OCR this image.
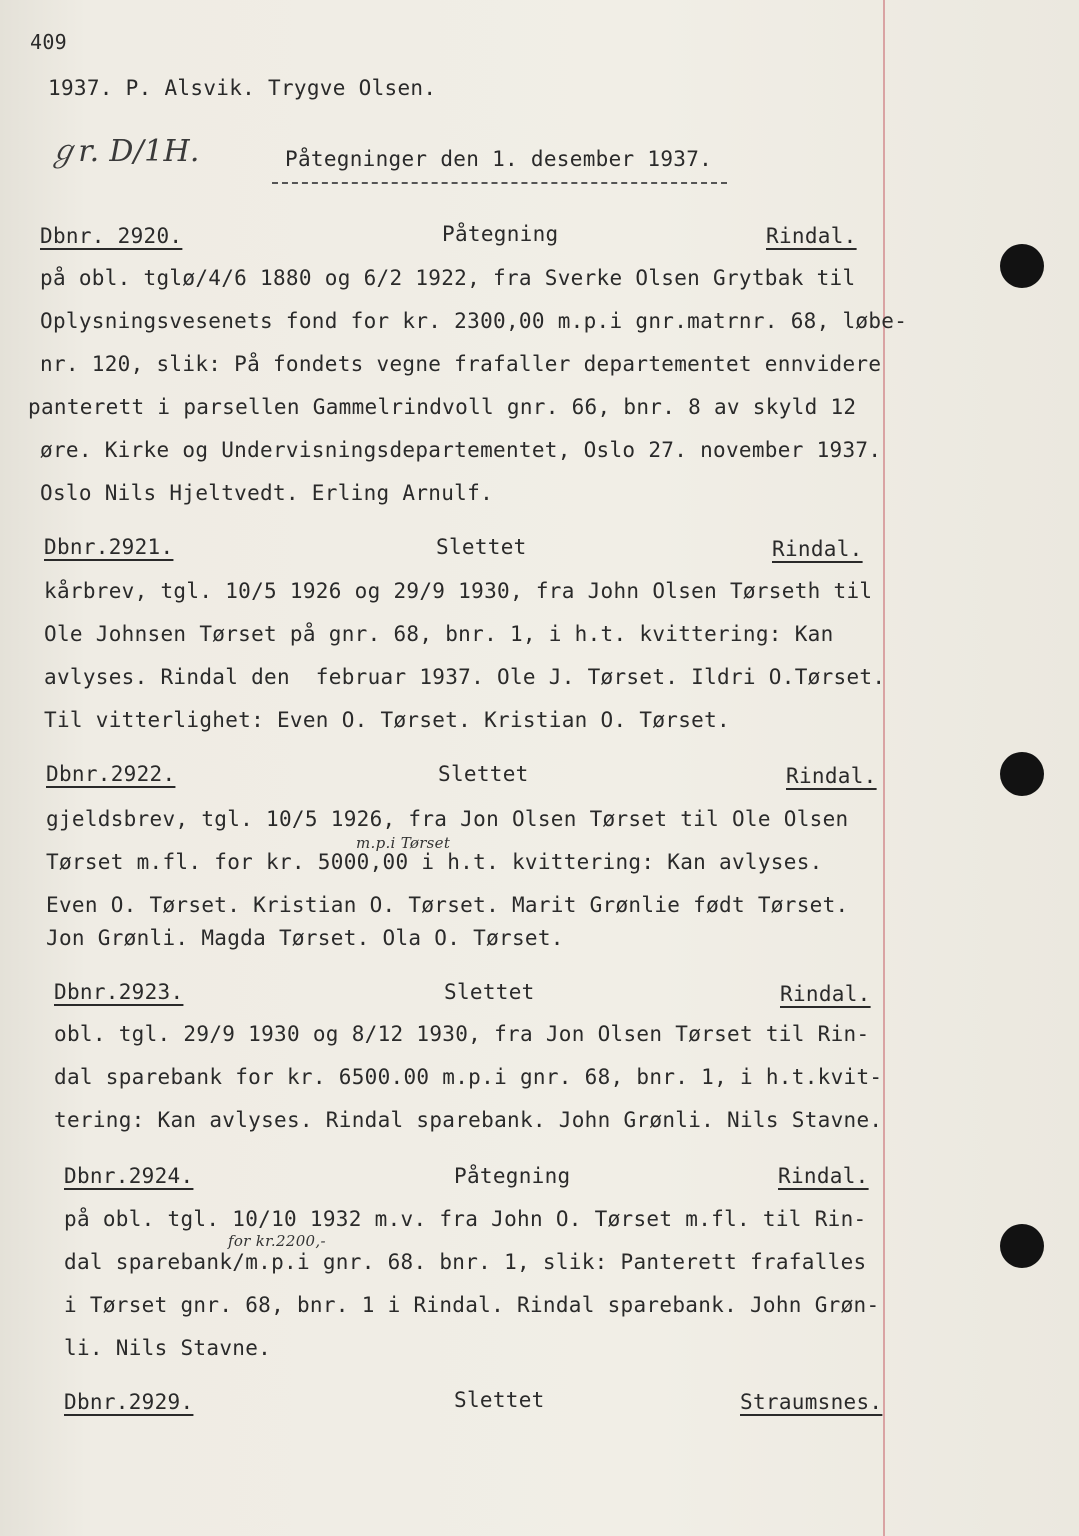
409
1937. P. Alsvik. Trygve Olsen.
ℊr. D/1H.	Påtegninger den 1. desember 1937.
Dbnr. 2920.	Påtegning	Rindal.
på obl. tglø/4/6 1880 og 6/2 1922, fra Sverke Olsen Grytbak til
Oplysningsvesenets fond for kr. 2300,00 m.p.i gnr.matrnr. 68, løbe-
nr. 120, slik: På fondets vegne frafaller departementet ennvidere
panterett i parsellen Gammelrindvoll gnr. 66, bnr. 8 av skyld 12
øre. Kirke og Undervisningsdepartementet, Oslo 27. november 1937.
Oslo Nils Hjeltvedt. Erling Arnulf.
Dbnr.2921.	Slettet	Rindal.
kårbrev, tgl. 10/5 1926 og 29/9 1930, fra John Olsen Tørseth til
Ole Johnsen Tørset på gnr. 68, bnr. 1, i h.t. kvittering: Kan
avlyses. Rindal den  februar 1937. Ole J. Tørset. Ildri O.Tørset.
Til vitterlighet: Even O. Tørset. Kristian O. Tørset.
Dbnr.2922.	Slettet	Rindal.
gjeldsbrev, tgl. 10/5 1926, fra Jon Olsen Tørset til Ole Olsen
m.p.i Tørset
Tørset m.fl. for kr. 5000,00 i h.t. kvittering: Kan avlyses.
Even O. Tørset. Kristian O. Tørset. Marit Grønlie født Tørset.
Jon Grønli. Magda Tørset. Ola O. Tørset.
Dbnr.2923.	Slettet	Rindal.
obl. tgl. 29/9 1930 og 8/12 1930, fra Jon Olsen Tørset til Rin-
dal sparebank for kr. 6500.00 m.p.i gnr. 68, bnr. 1, i h.t.kvit-
tering: Kan avlyses. Rindal sparebank. John Grønli. Nils Stavne.
Dbnr.2924.	Påtegning	Rindal.
på obl. tgl. 10/10 1932 m.v. fra John O. Tørset m.fl. til Rin-
for kr.2200,-
dal sparebank/m.p.i gnr. 68. bnr. 1, slik: Panterett frafalles
i Tørset gnr. 68, bnr. 1 i Rindal. Rindal sparebank. John Grøn-
li. Nils Stavne.
Dbnr.2929.	Slettet	Straumsnes.
